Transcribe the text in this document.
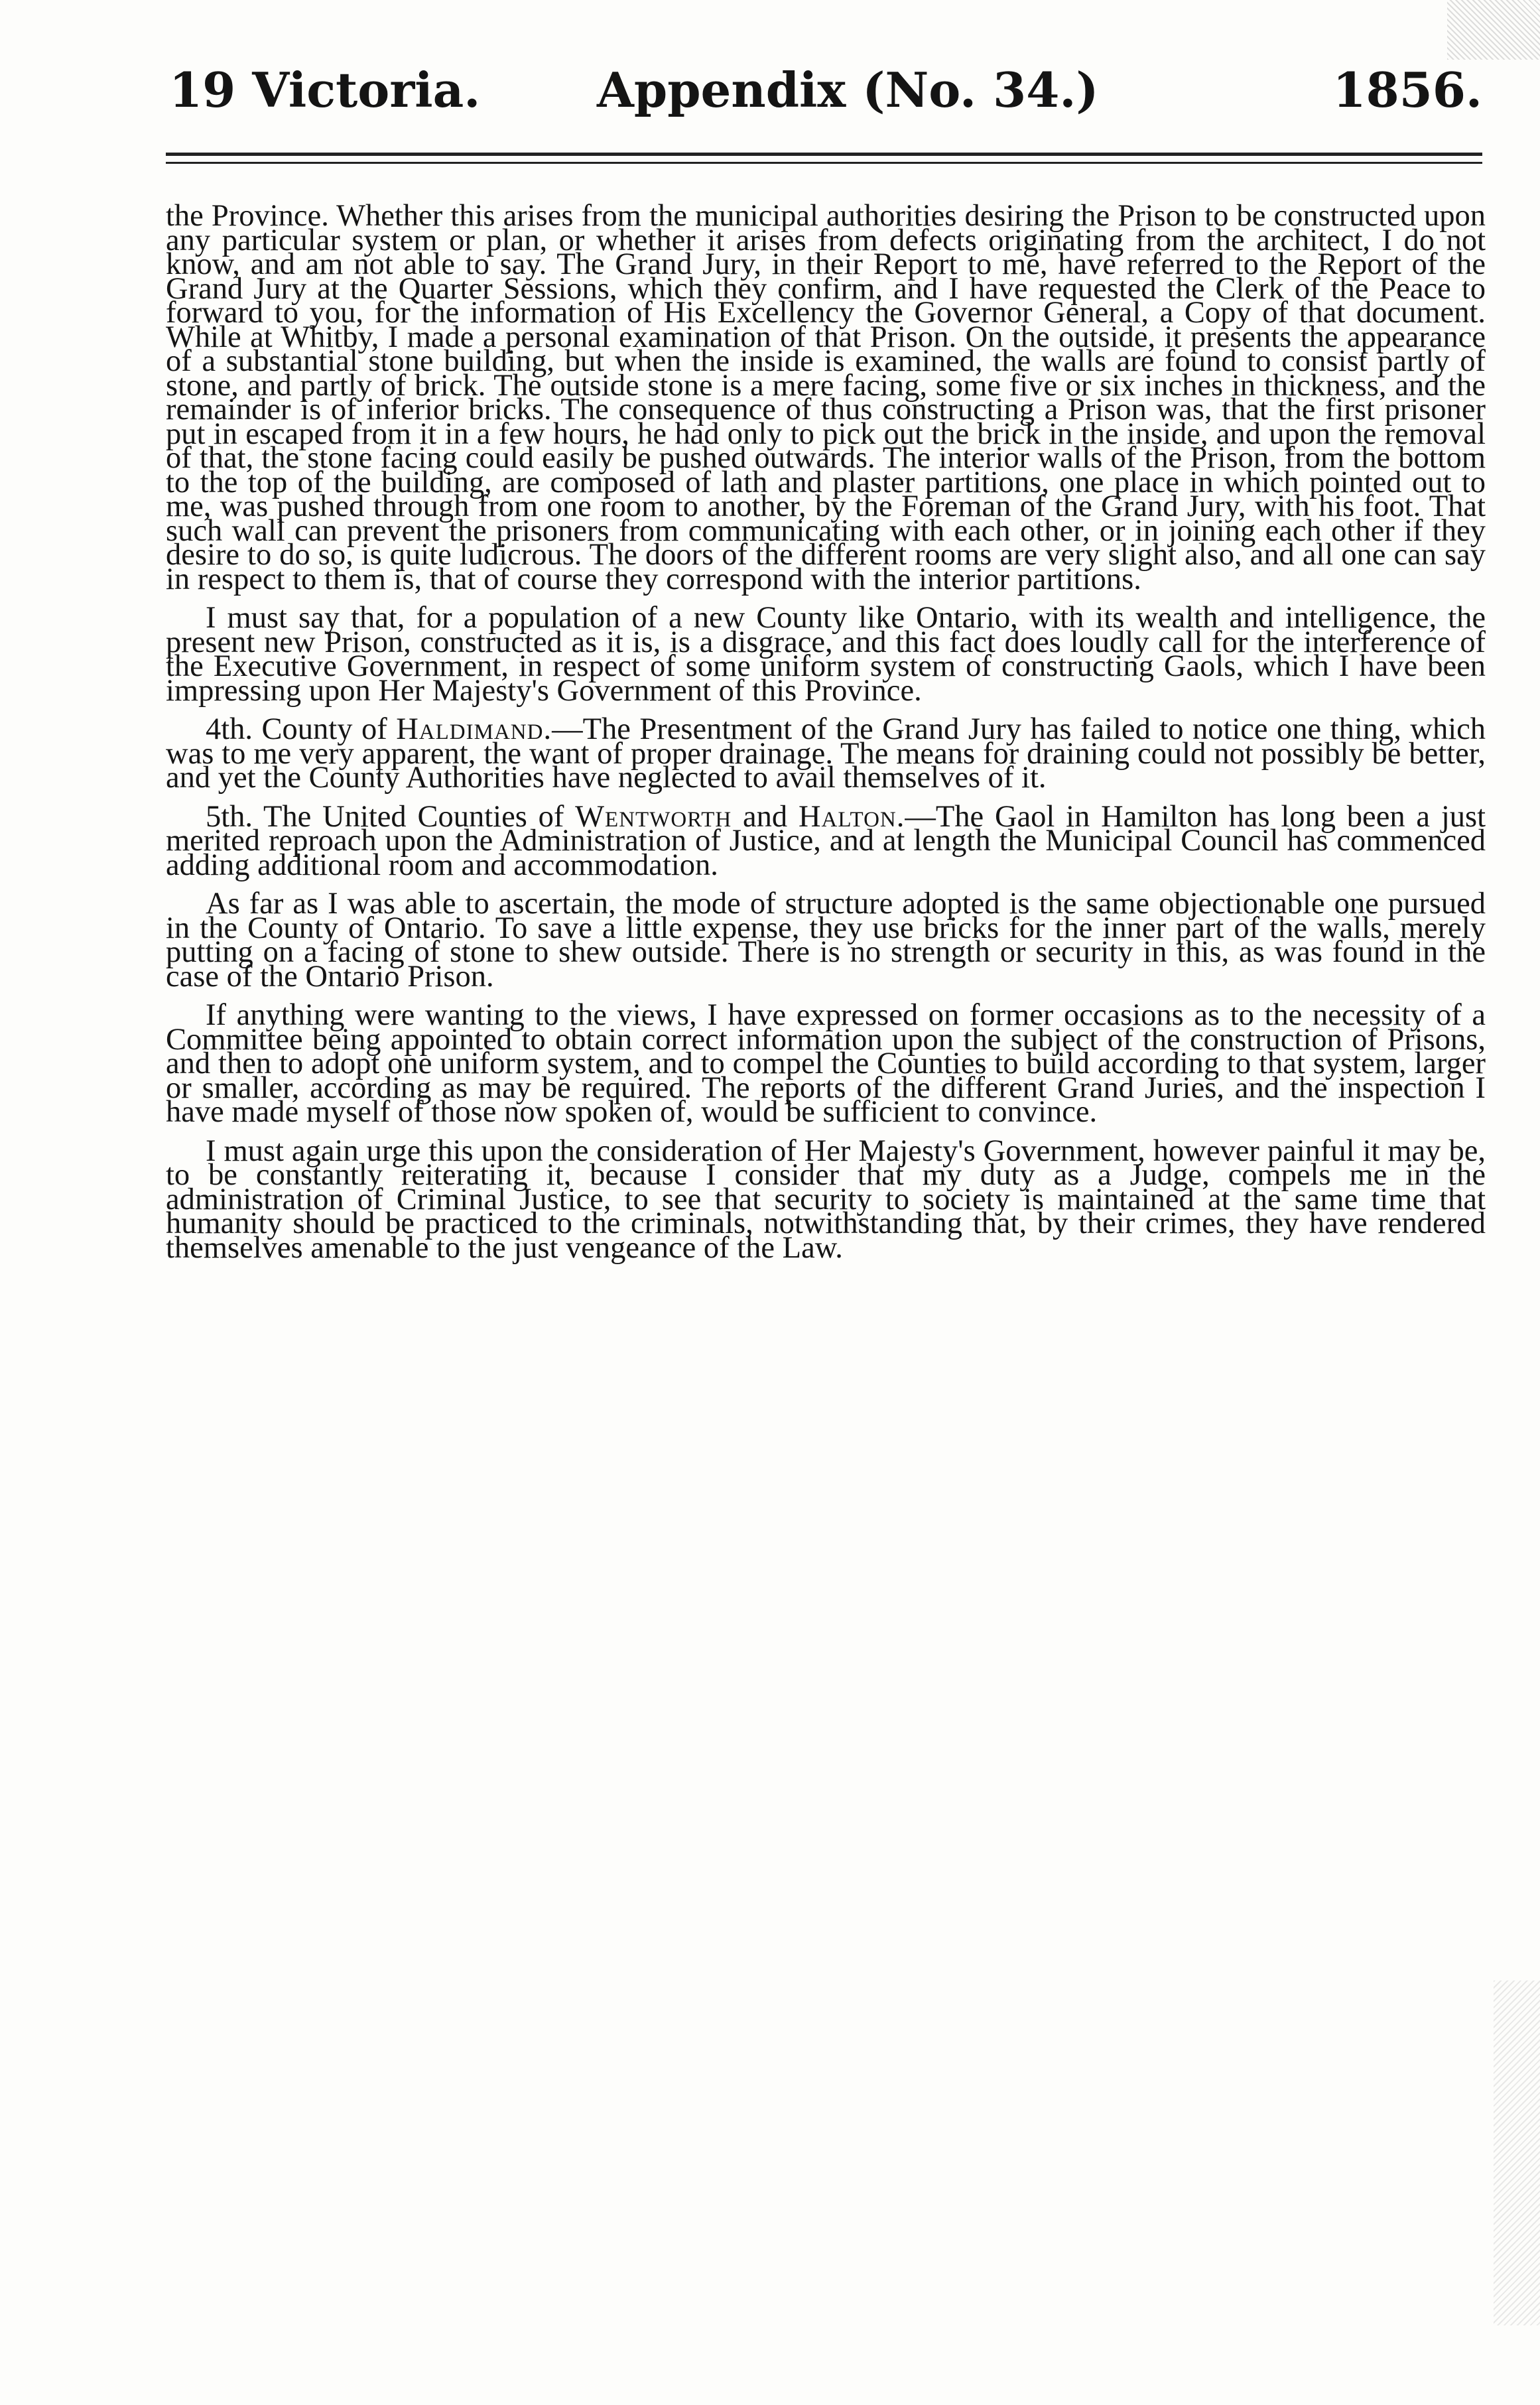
19 Victoria. Appendix (No. 34.)	1856.

the Province. Whether this arises from the municipal authorities desiring the Prison to be constructed upon any particular system or plan, or whether it arises from defects originating from the architect, I do not know, and am not able to say. The Grand Jury, in their Report to me, have referred to the Report of the Grand Jury at the Quarter Sessions, which they confirm, and I have requested the Clerk of the Peace to forward to you, for the information of His Excellency the Governor General, a Copy of that document. While at Whitby, I made a personal examination of that Prison. On the outside, it presents the appearance of a substantial stone building, but when the inside is examined, the walls are found to consist partly of stone, and partly of brick. The outside stone is a mere facing, some five or six inches in thickness, and the remainder is of inferior bricks. The consequence of thus constructing a Prison was, that the first prisoner put in escaped from it in a few hours, he had only to pick out the brick in the inside, and upon the removal of that, the stone facing could easily be pushed outwards. The interior walls of the Prison, from the bottom to the top of the building, are composed of lath and plaster partitions, one place in which pointed out to me, was pushed through from one room to another, by the Foreman of the Grand Jury, with his foot. That such wall can prevent the prisoners from communicating with each other, or in joining each other if they desire to do so, is quite ludicrous. The doors of the different rooms are very slight also, and all one can say in respect to them is, that of course they correspond with the interior partitions.

I must say that, for a population of a new County like Ontario, with its wealth and intelligence, the present new Prison, constructed as it is, is a disgrace, and this fact does loudly call for the interference of the Executive Government, in respect of some uniform system of constructing Gaols, which I have been impressing upon Her Majesty's Government of this Province.

4th. County of Haldimand.—The Presentment of the Grand Jury has failed to notice one thing, which was to me very apparent, the want of proper drainage. The means for draining could not possibly be better, and yet the County Authorities have neglected to avail themselves of it.

5th. The United Counties of Wentworth and Halton.—The Gaol in Hamilton has long been a just merited reproach upon the Administration of Justice, and at length the Municipal Council has commenced adding additional room and accommodation.

As far as I was able to ascertain, the mode of structure adopted is the same objectionable one pursued in the County of Ontario. To save a little expense, they use bricks for the inner part of the walls, merely putting on a facing of stone to shew outside. There is no strength or security in this, as was found in the case of the Ontario Prison.

If anything were wanting to the views, I have expressed on former occasions as to the necessity of a Committee being appointed to obtain correct information upon the subject of the construction of Prisons, and then to adopt one uniform system, and to compel the Counties to build according to that system, larger or smaller, according as may be required. The reports of the different Grand Juries, and the inspection I have made myself of those now spoken of, would be sufficient to convince.

I must again urge this upon the consideration of Her Majesty's Government, however painful it may be, to be constantly reiterating it, because I consider that my duty as a Judge, compels me in the administration of Criminal Justice, to see that security to society is maintained at the same time that humanity should be practiced to the criminals, notwithstanding that, by their crimes, they have rendered themselves amenable to the just vengeance of the Law.
